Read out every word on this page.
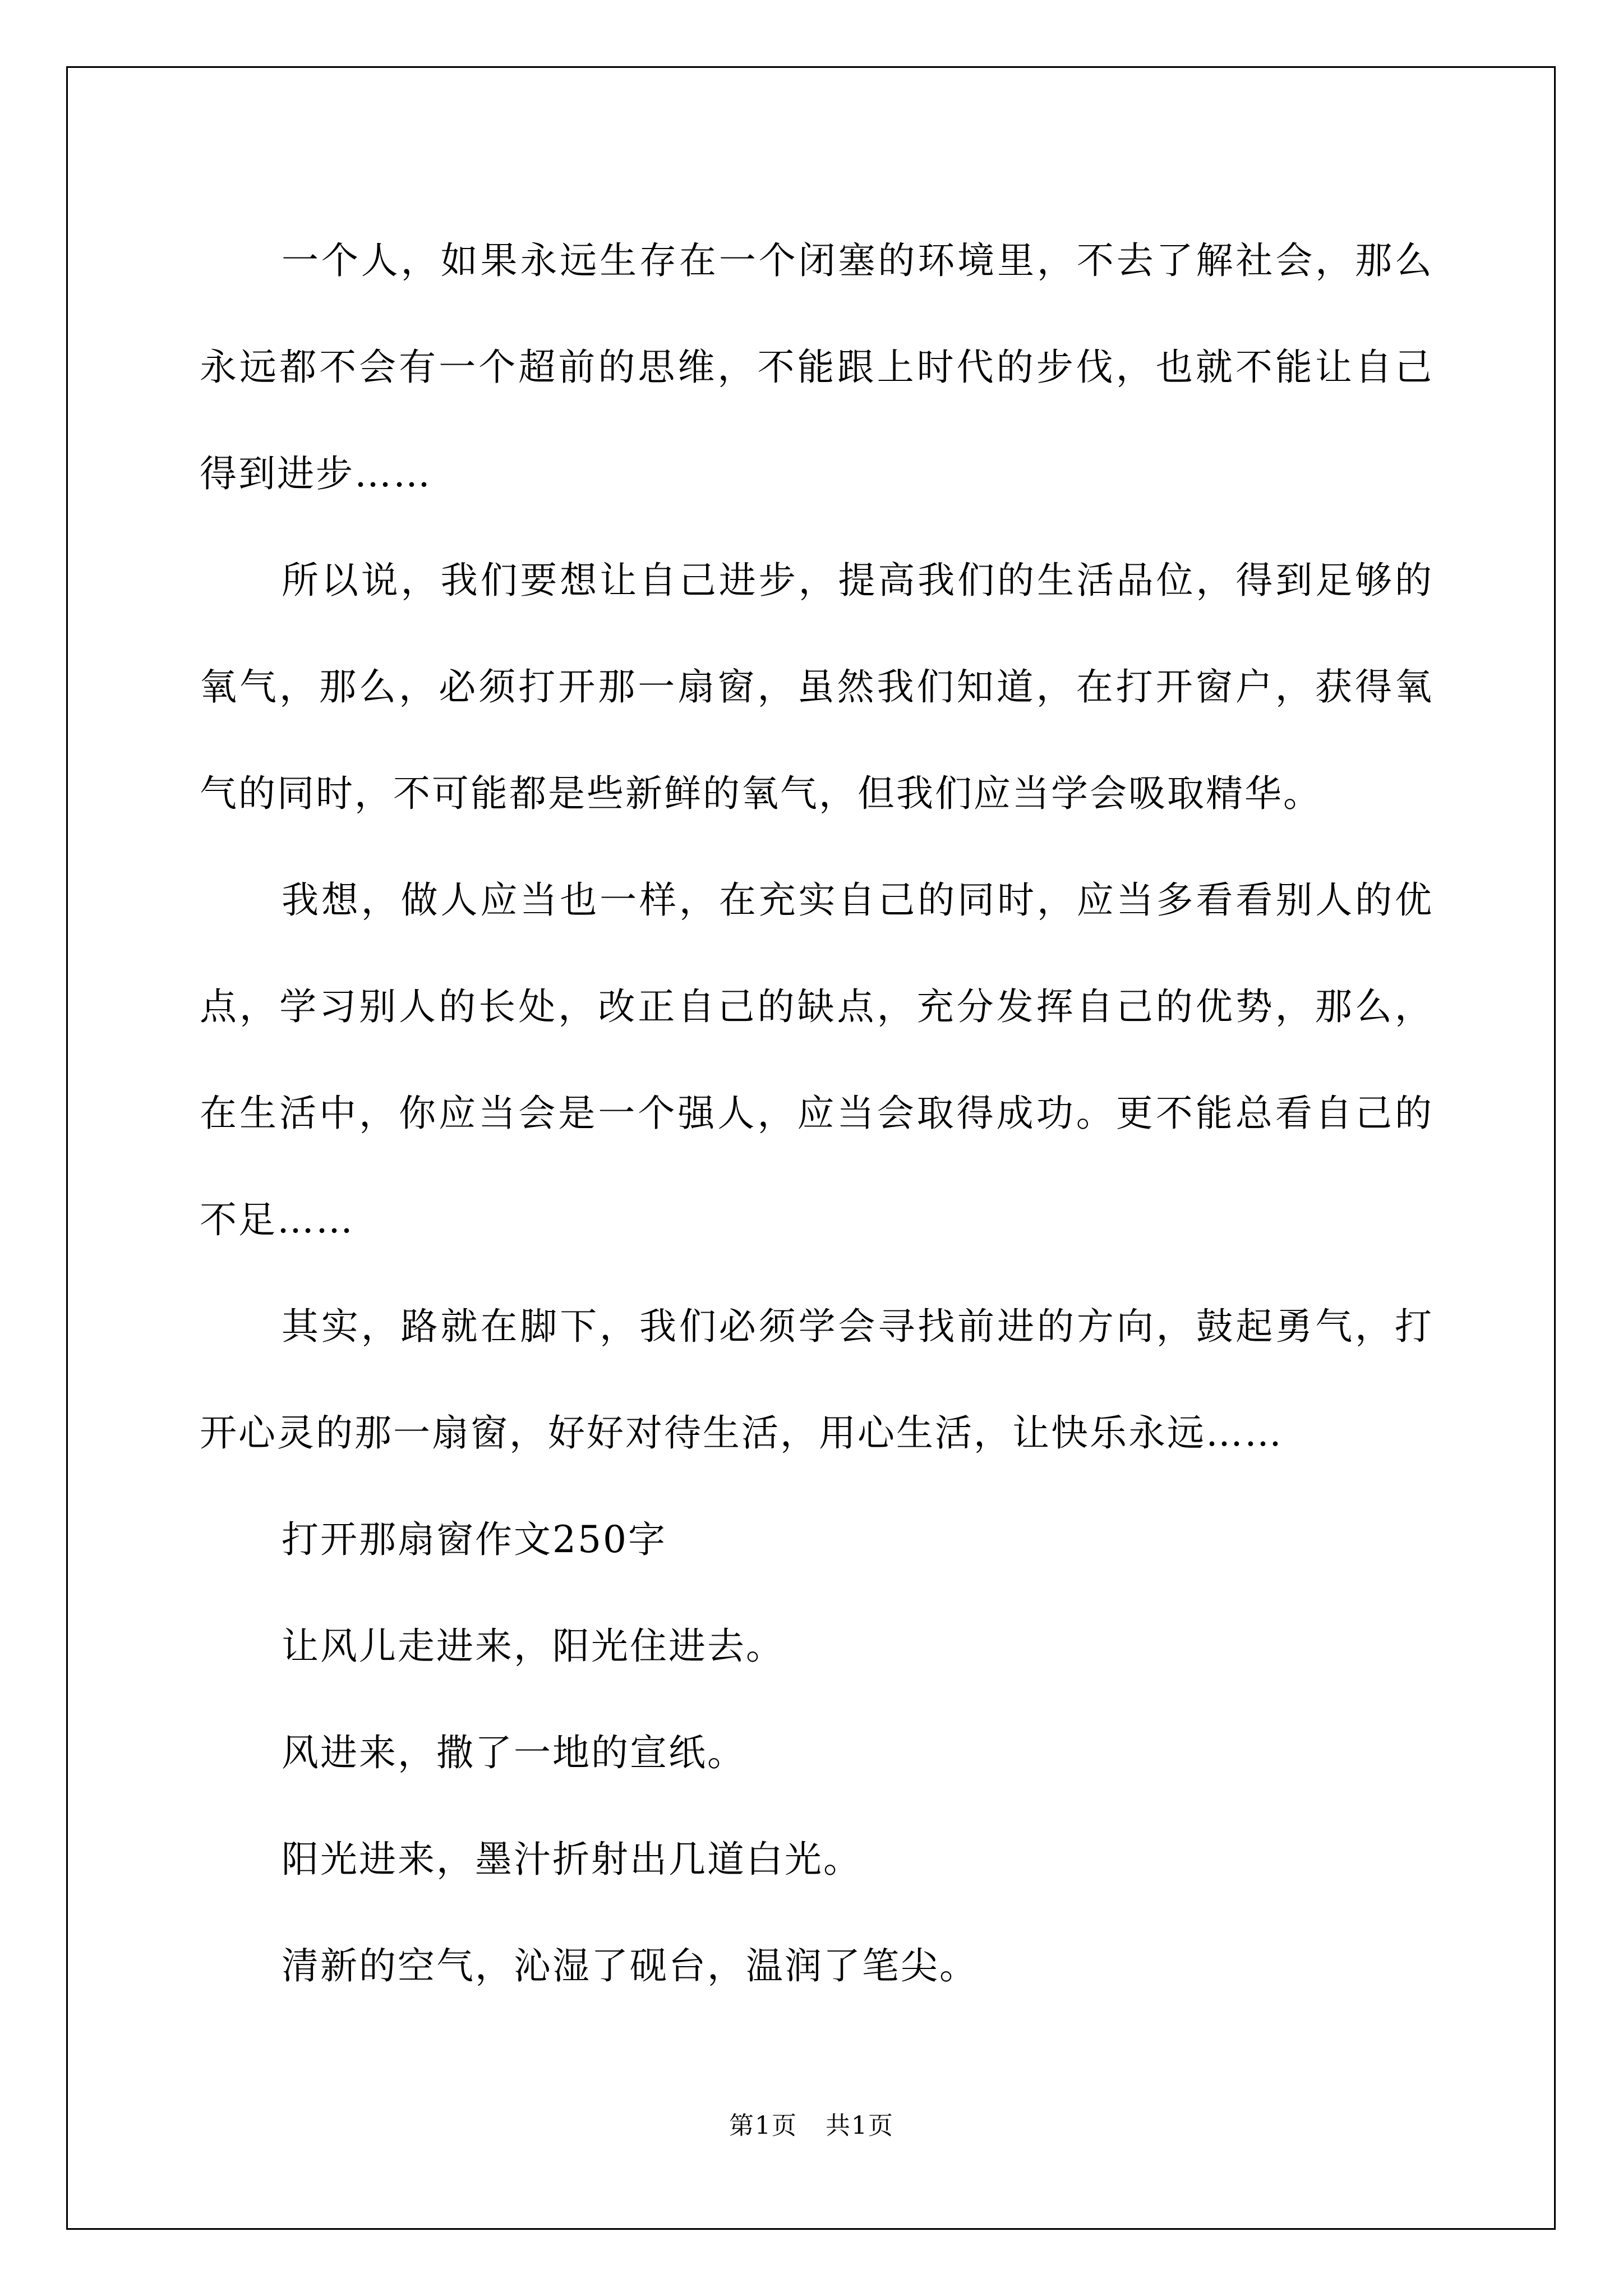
一个人，如果永远生存在一个闭塞的环境里，不去了解社会，那么永远都不会有一个超前的思维，不能跟上时代的步伐，也就不能让自己得到进步……

所以说，我们要想让自己进步，提高我们的生活品位，得到足够的氧气，那么，必须打开那一扇窗，虽然我们知道，在打开窗户，获得氧气的同时，不可能都是些新鲜的氧气，但我们应当学会吸取精华。

我想，做人应当也一样，在充实自己的同时，应当多看看别人的优点，学习别人的长处，改正自己的缺点，充分发挥自己的优势，那么，在生活中，你应当会是一个强人，应当会取得成功。更不能总看自己的不足……

其实，路就在脚下，我们必须学会寻找前进的方向，鼓起勇气，打开心灵的那一扇窗，好好对待生活，用心生活，让快乐永远……

打开那扇窗作文250字

让风儿走进来，阳光住进去。

风进来，撒了一地的宣纸。

阳光进来，墨汁折射出几道白光。

清新的空气，沁湿了砚台，温润了笔尖。

第1页 共1页
